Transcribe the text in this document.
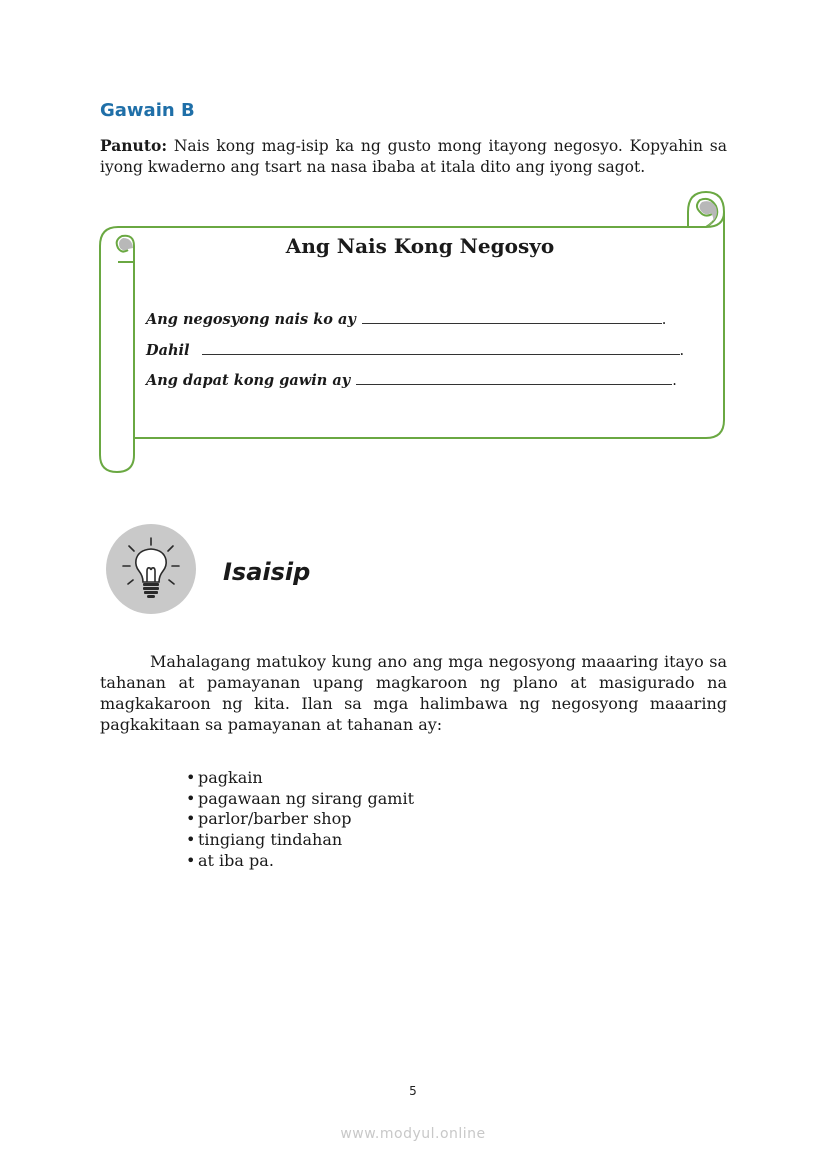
Gawain B

Panuto: Nais kong mag-isip ka ng gusto mong itayong negosyo. Kopyahin sa iyong kwaderno ang tsart na nasa ibaba at itala dito ang iyong sagot.

Ang Nais Kong Negosyo
Ang negosyong nais ko ay	.
Dahil	.
Ang dapat kong gawin ay	.
Isaisip

Mahalagang matukoy kung ano ang mga negosyong maaaring itayo sa tahanan at pamayanan upang magkaroon ng plano at masigurado na magkakaroon ng kita. Ilan sa mga halimbawa ng negosyong maaaring pagkakitaan sa pamayanan at tahanan ay:

• pagkain
• pagawaan ng sirang gamit
• parlor/barber shop
• tingiang tindahan
• at iba pa.
5
www.modyul.online
